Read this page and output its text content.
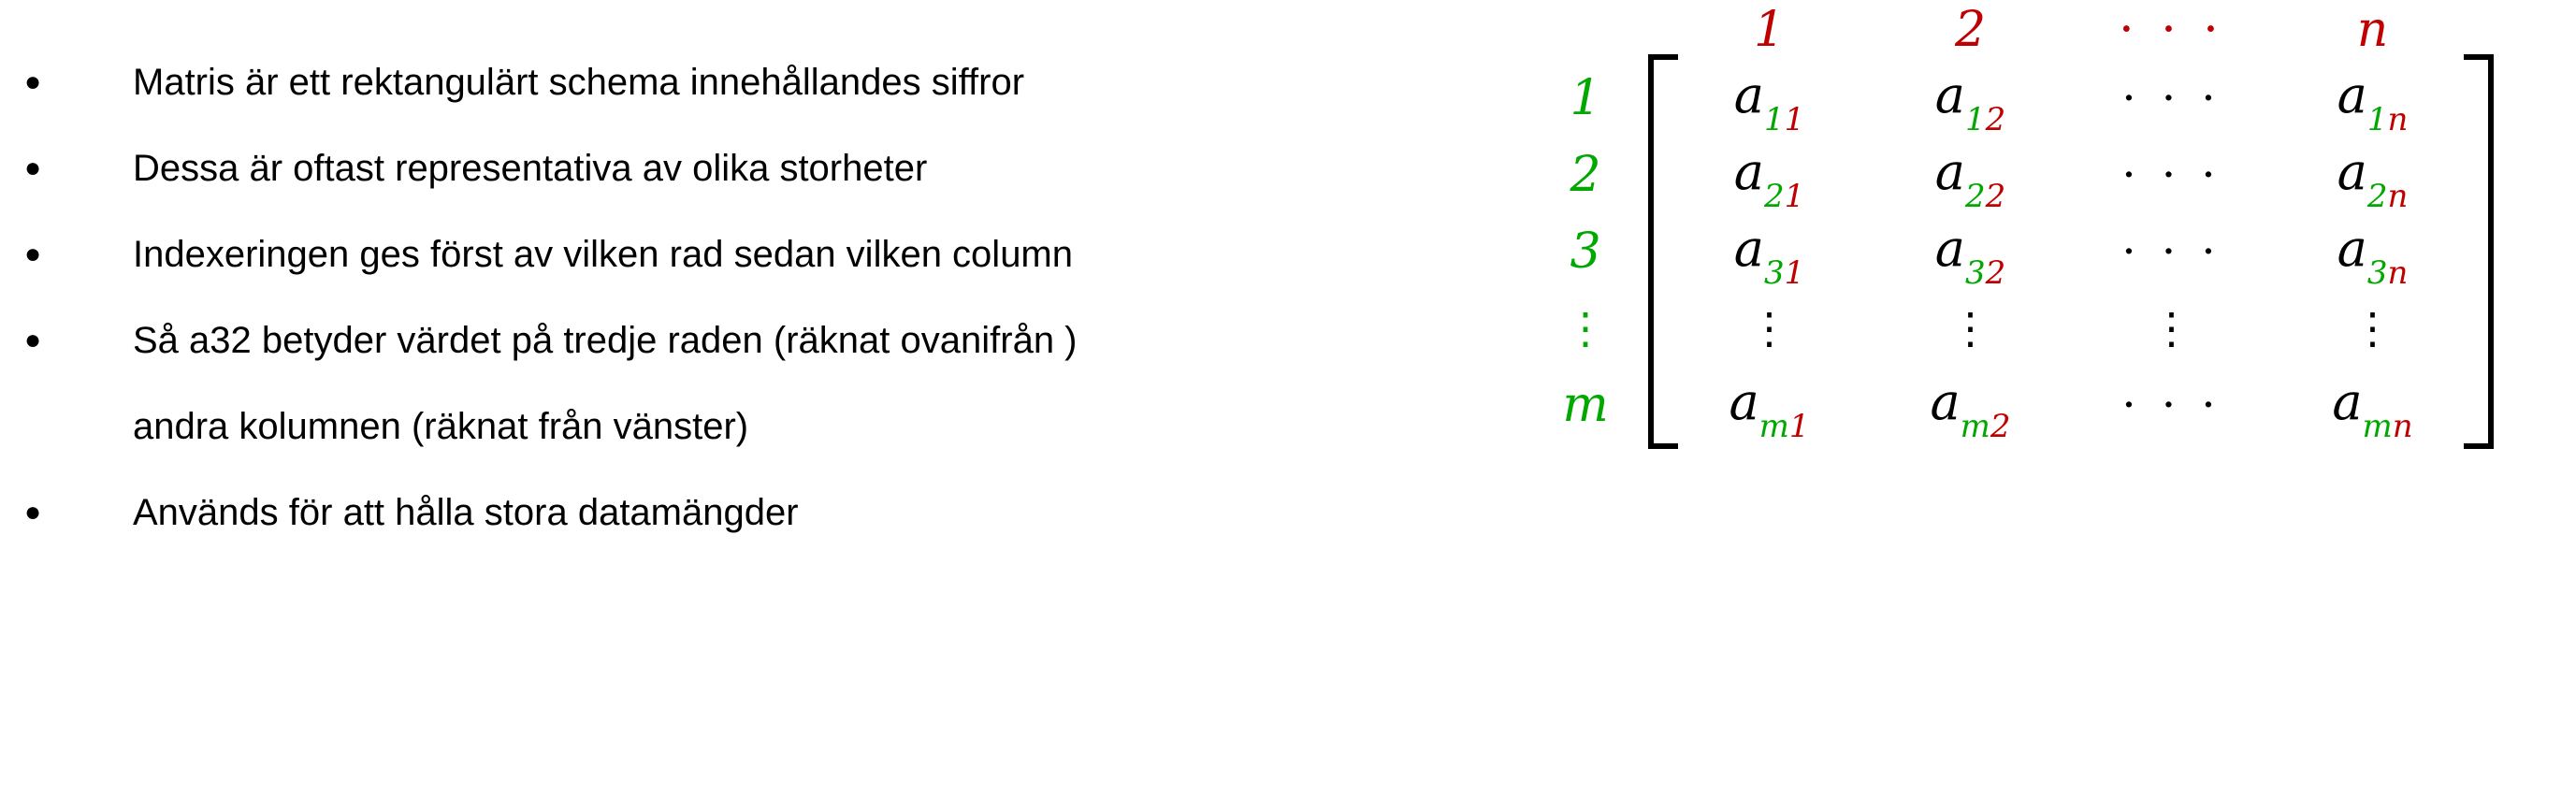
●	Matris är ett rektangulärt schema innehållandes siffror
●	Dessa är oftast representativa av olika storheter
●	Indexeringen ges först av vilken rad sedan vilken column
●	Så a32 betyder värdet på tredje raden (räknat ovanifrån )
andra kolumnen (räknat från vänster)
●	Används för att hålla stora datamängder
		1	2	· · ·	n	
1		$a_{11}$	$a_{12}$	· · ·	$a_{1n}$	

2		$a_{21}$	$a_{22}$	· · ·	$a_{2n}$
3		$a_{31}$	$a_{32}$	· · ·	$a_{3n}$
⋮		⋮	⋮	⋮	⋮	
m		$a_{m1}$	$a_{m2}$	· · ·	$a_{mn}$
